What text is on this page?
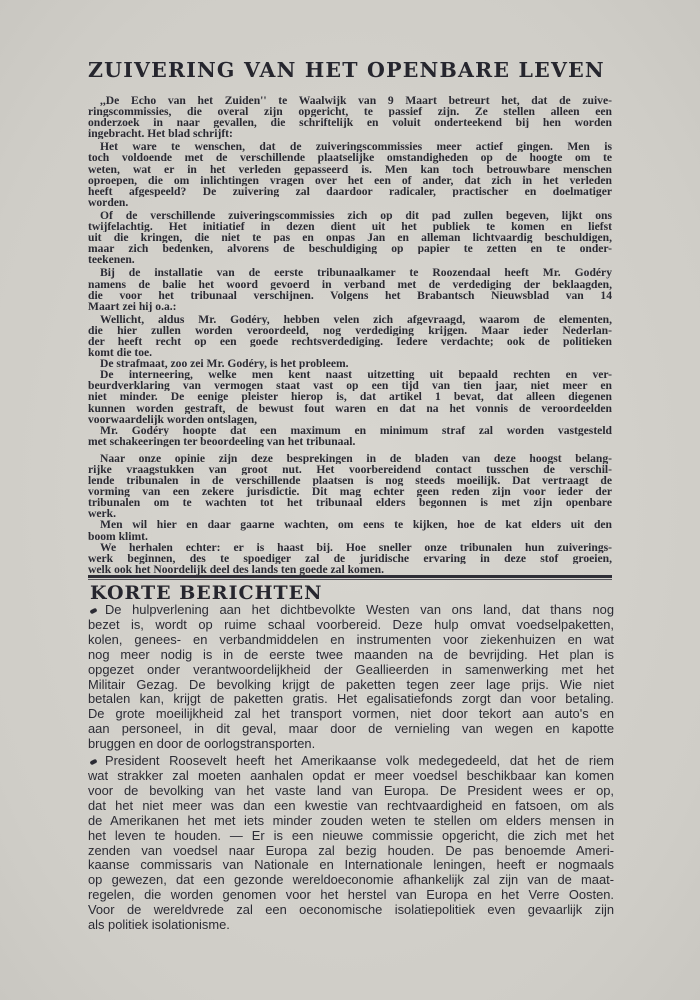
ZUIVERING VAN HET OPENBARE LEVEN
,,De Echo van het Zuiden'' te Waalwijk van 9 Maart betreurt het, dat de zuive-
ringscommissies, die overal zijn opgericht, te passief zijn. Ze stellen alleen een
onderzoek in naar gevallen, die schriftelijk en voluit onderteekend bij hen worden
ingebracht. Het blad schrijft:
Het ware te wenschen, dat de zuiveringscommissies meer actief gingen. Men is
toch voldoende met de verschillende plaatselijke omstandigheden op de hoogte om te
weten, wat er in het verleden gepasseerd is. Men kan toch betrouwbare menschen
oproepen, die om inlichtingen vragen over het een of ander, dat zich in het verleden
heeft afgespeeld? De zuivering zal daardoor radicaler, practischer en doelmatiger
worden.
Of de verschillende zuiveringscommissies zich op dit pad zullen begeven, lijkt ons
twijfelachtig. Het initiatief in dezen dient uit het publiek te komen en liefst
uit die kringen, die niet te pas en onpas Jan en alleman lichtvaardig beschuldigen,
maar zich bedenken, alvorens de beschuldiging op papier te zetten en te onder-
teekenen.
Bij de installatie van de eerste tribunaalkamer te Roozendaal heeft Mr. Godéry
namens de balie het woord gevoerd in verband met de verdediging der beklaagden,
die voor het tribunaal verschijnen. Volgens het Brabantsch Nieuwsblad van 14
Maart zei hij o.a.:
Wellicht, aldus Mr. Godéry, hebben velen zich afgevraagd, waarom de elementen,
die hier zullen worden veroordeeld, nog verdediging krijgen. Maar ieder Nederlan-
der heeft recht op een goede rechtsverdediging. Iedere verdachte; ook de politieken
komt die toe.
De strafmaat, zoo zei Mr. Godéry, is het probleem.
De interneering, welke men kent naast uitzetting uit bepaald rechten en ver-
beurdverklaring van vermogen staat vast op een tijd van tien jaar, niet meer en
niet minder. De eenige pleister hierop is, dat artikel 1 bevat, dat alleen diegenen
kunnen worden gestraft, de bewust fout waren en dat na het vonnis de veroordeelden
voorwaardelijk worden ontslagen,
Mr. Godéry hoopte dat een maximum en minimum straf zal worden vastgesteld
met schakeeringen ter beoordeeling van het tribunaal.
Naar onze opinie zijn deze besprekingen in de bladen van deze hoogst belang-
rijke vraagstukken van groot nut. Het voorbereidend contact tusschen de verschil-
lende tribunalen in de verschillende plaatsen is nog steeds moeilijk. Dat vertraagt de
vorming van een zekere jurisdictie. Dit mag echter geen reden zijn voor ieder der
tribunalen om te wachten tot het tribunaal elders begonnen is met zijn openbare
werk.
Men wil hier en daar gaarne wachten, om eens te kijken, hoe de kat elders uit den
boom klimt.
We herhalen echter: er is haast bij. Hoe sneller onze tribunalen hun zuiverings-
werk beginnen, des te spoediger zal de juridische ervaring in deze stof groeien,
welk ook het Noordelijk deel des lands ten goede zal komen.
KORTE BERICHTEN
De hulpverlening aan het dichtbevolkte Westen van ons land, dat thans nog
bezet is, wordt op ruime schaal voorbereid. Deze hulp omvat voedselpaketten,
kolen, genees- en verbandmiddelen en instrumenten voor ziekenhuizen en wat
nog meer nodig is in de eerste twee maanden na de bevrijding. Het plan is
opgezet onder verantwoordelijkheid der Geallieerden in samenwerking met het
Militair Gezag. De bevolking krijgt de paketten tegen zeer lage prijs. Wie niet
betalen kan, krijgt de paketten gratis. Het egalisatiefonds zorgt dan voor betaling.
De grote moeilijkheid zal het transport vormen, niet door tekort aan auto's en
aan personeel, in dit geval, maar door de vernieling van wegen en kapotte
bruggen en door de oorlogstransporten.
President Roosevelt heeft het Amerikaanse volk medegedeeld, dat het de riem
wat strakker zal moeten aanhalen opdat er meer voedsel beschikbaar kan komen
voor de bevolking van het vaste land van Europa. De President wees er op,
dat het niet meer was dan een kwestie van rechtvaardigheid en fatsoen, om als
de Amerikanen het met iets minder zouden weten te stellen om elders mensen in
het leven te houden. — Er is een nieuwe commissie opgericht, die zich met het
zenden van voedsel naar Europa zal bezig houden. De pas benoemde Ameri-
kaanse commissaris van Nationale en Internationale leningen, heeft er nogmaals
op gewezen, dat een gezonde wereldoeconomie afhankelijk zal zijn van de maat-
regelen, die worden genomen voor het herstel van Europa en het Verre Oosten.
Voor de wereldvrede zal een oeconomische isolatiepolitiek even gevaarlijk zijn
als politiek isolationisme.
